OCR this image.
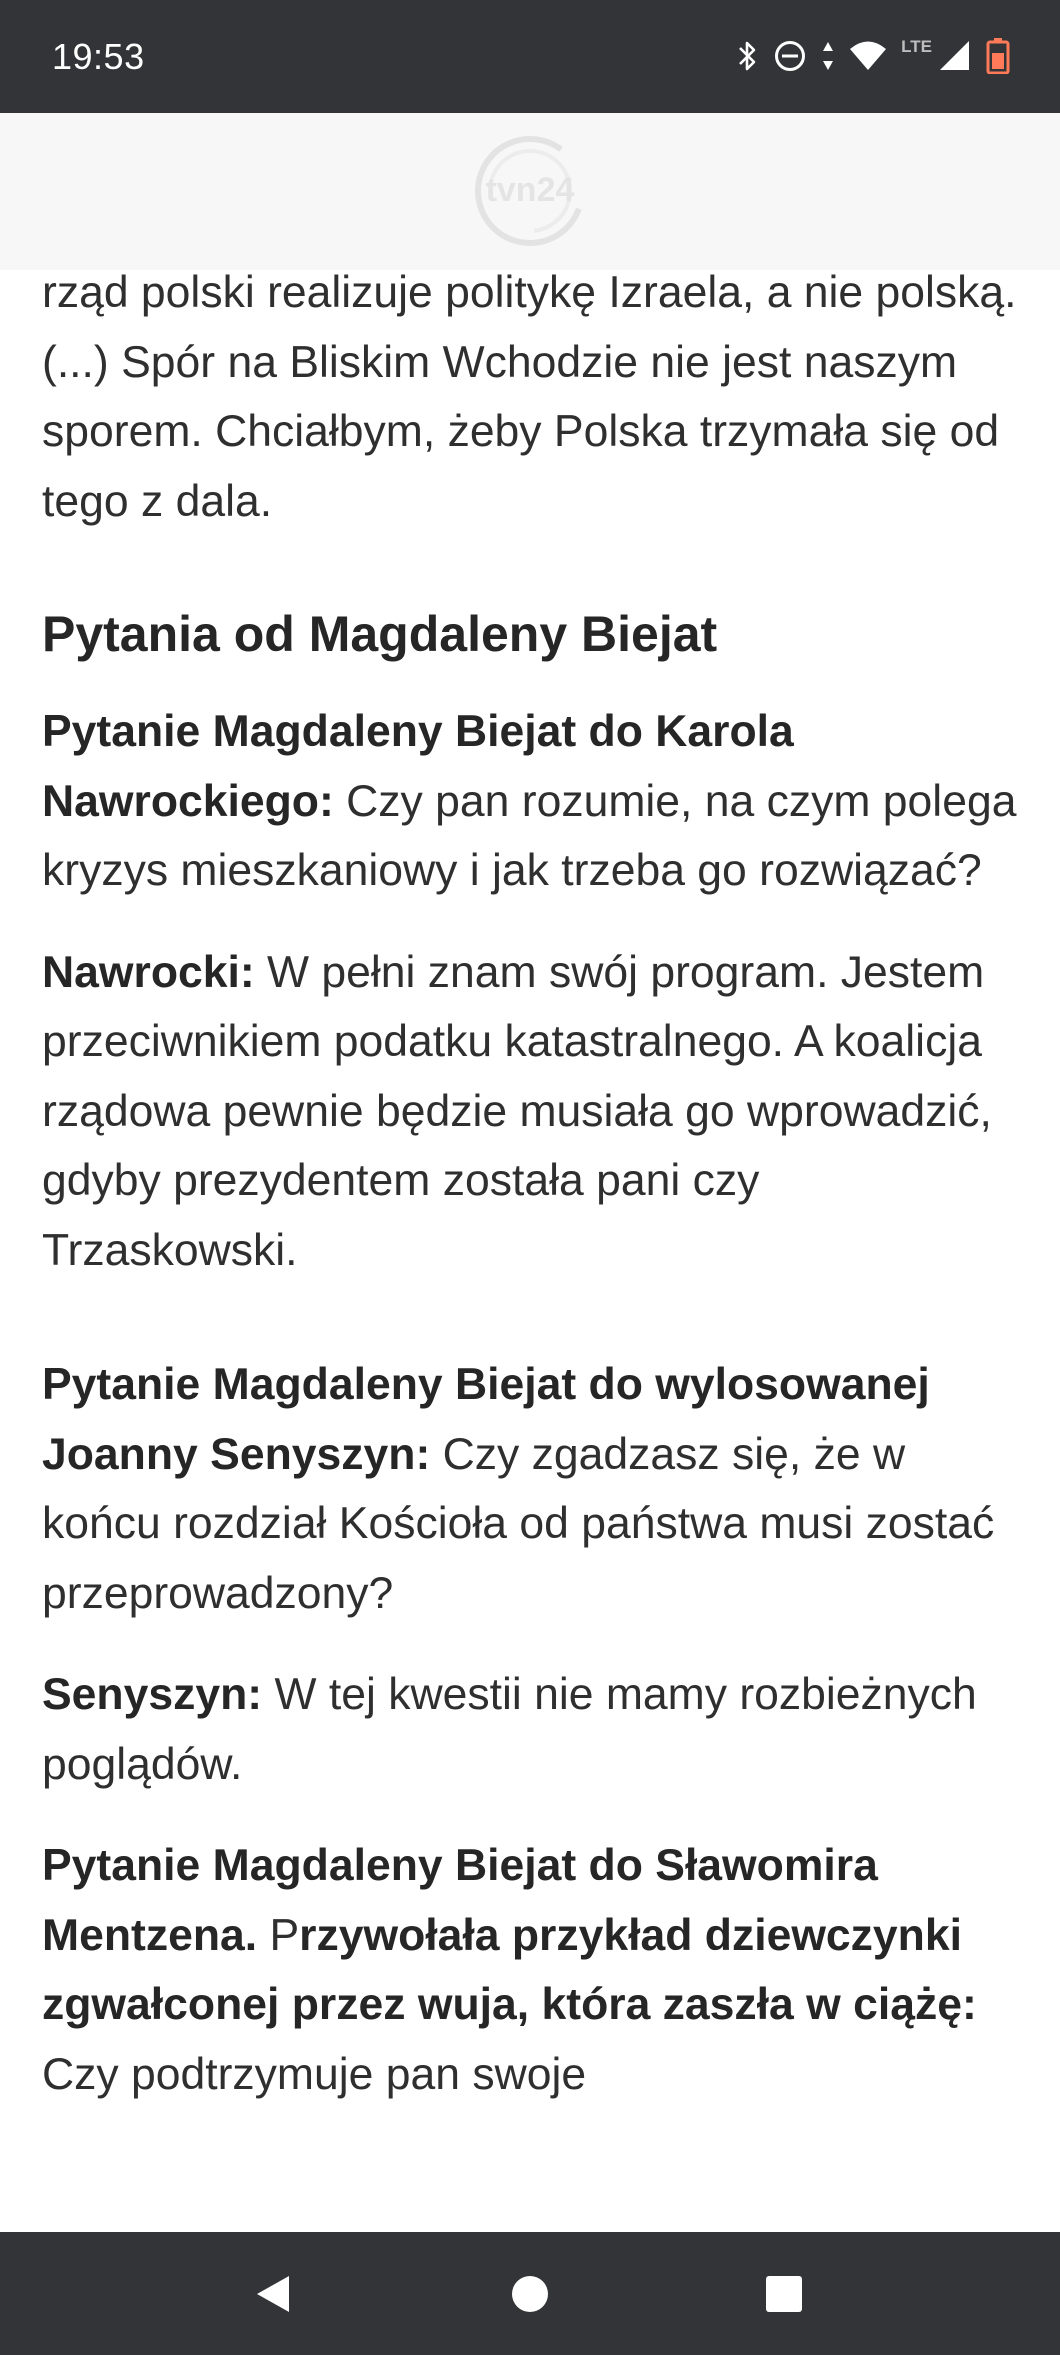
19:53	LTE
tvn24

rząd polski realizuje politykę Izraela, a nie polską. (...) Spór na Bliskim Wchodzie nie jest naszym sporem. Chciałbym, żeby Polska trzymała się od tego z dala.

Pytania od Magdaleny Biejat

Pytanie Magdaleny Biejat do Karola Nawrockiego: Czy pan rozumie, na czym polega kryzys mieszkaniowy i jak trzeba go rozwiązać?

Nawrocki: W pełni znam swój program. Jestem przeciwnikiem podatku katastralnego. A koalicja rządowa pewnie będzie musiała go wprowadzić, gdyby prezydentem została pani czy Trzaskowski.

Pytanie Magdaleny Biejat do wylosowanej Joanny Senyszyn: Czy zgadzasz się, że w końcu rozdział Kościoła od państwa musi zostać przeprowadzony?

Senyszyn: W tej kwestii nie mamy rozbieżnych poglądów.

Pytanie Magdaleny Biejat do Sławomira Mentzena. Przywołała przykład dziewczynki zgwałconej przez wuja, która zaszła w ciążę: Czy podtrzymuje pan swoje
